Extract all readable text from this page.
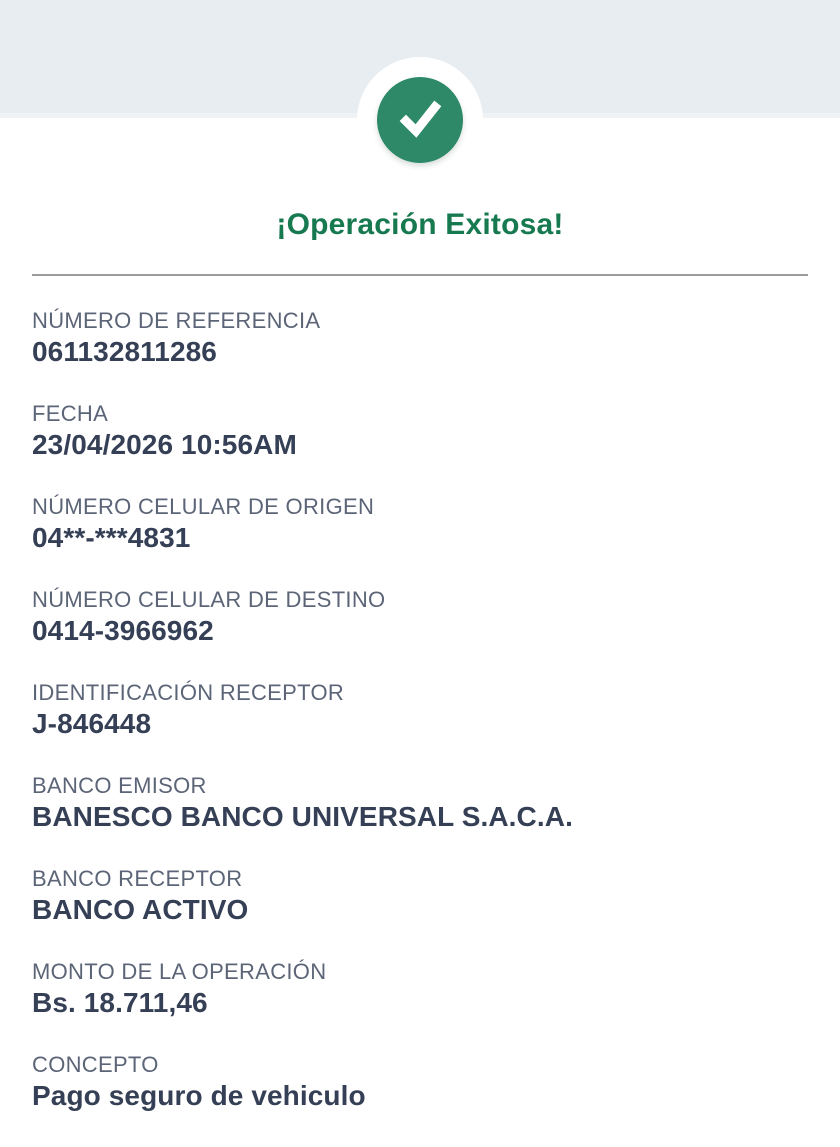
¡Operación Exitosa!
NÚMERO DE REFERENCIA
061132811286
FECHA
23/04/2026 10:56AM
NÚMERO CELULAR DE ORIGEN
04**-***4831
NÚMERO CELULAR DE DESTINO
0414-3966962
IDENTIFICACIÓN RECEPTOR
J-846448
BANCO EMISOR
BANESCO BANCO UNIVERSAL S.A.C.A.
BANCO RECEPTOR
BANCO ACTIVO
MONTO DE LA OPERACIÓN
Bs. 18.711,46
CONCEPTO
Pago seguro de vehiculo
